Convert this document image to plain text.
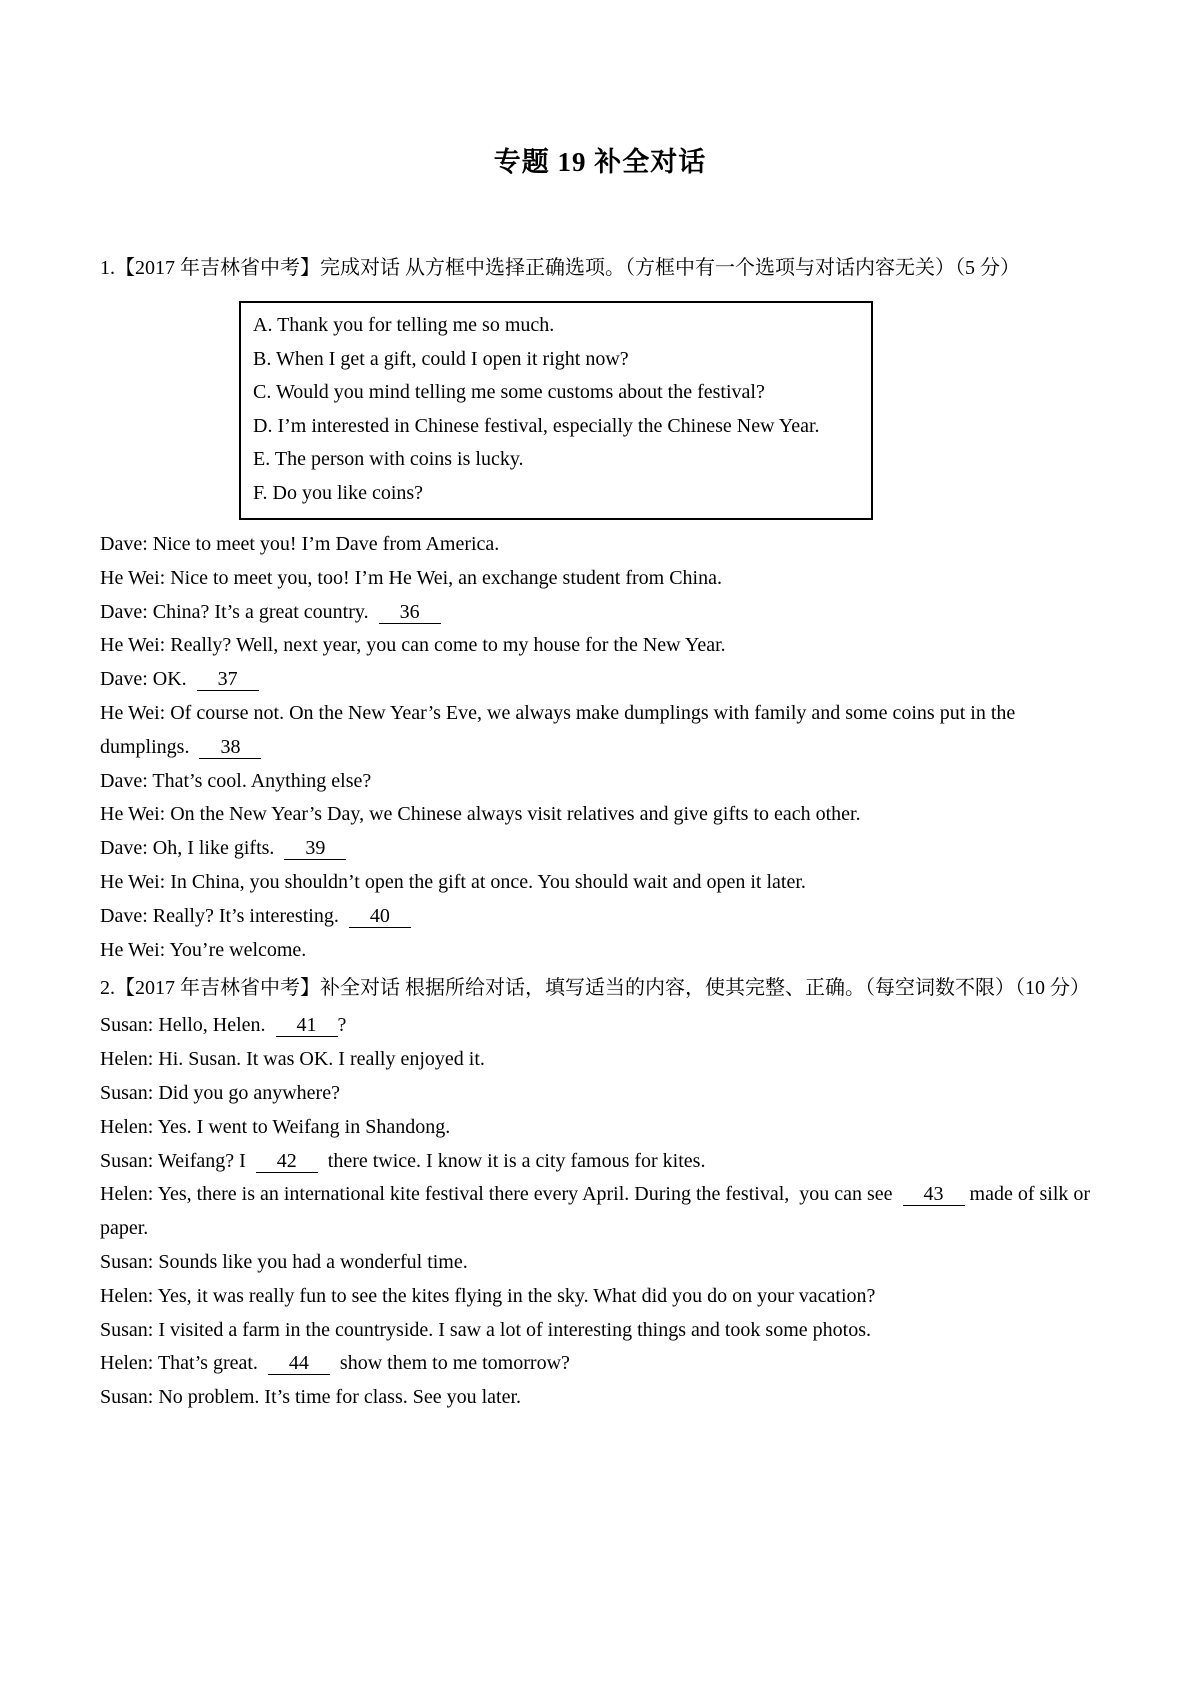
专题 19 补全对话

1.【2017 年吉林省中考】完成对话 从方框中选择正确选项。（方框中有一个选项与对话内容无关）（5 分）

A. Thank you for telling me so much.
B. When I get a gift, could I open it right now?
C. Would you mind telling me some customs about the festival?
D. I’m interested in Chinese festival, especially the Chinese New Year.
E. The person with coins is lucky.
F. Do you like coins?

Dave: Nice to meet you! I’m Dave from America.

He Wei: Nice to meet you, too! I’m He Wei, an exchange student from China.

Dave: China? It’s a great country.  36

He Wei: Really? Well, next year, you can come to my house for the New Year.

Dave: OK.  37

He Wei: Of course not. On the New Year’s Eve, we always make dumplings with family and some coins put in the dumplings.  38

Dave: That’s cool. Anything else?

He Wei: On the New Year’s Day, we Chinese always visit relatives and give gifts to each other.

Dave: Oh, I like gifts.  39

He Wei: In China, you shouldn’t open the gift at once. You should wait and open it later.

Dave: Really? It’s interesting.  40

He Wei: You’re welcome.

2.【2017 年吉林省中考】补全对话 根据所给对话，填写适当的内容，使其完整、正确。（每空词数不限）（10 分）

Susan: Hello, Helen.  41 ?

Helen: Hi. Susan. It was OK. I really enjoyed it.

Susan: Did you go anywhere?

Helen: Yes. I went to Weifang in Shandong.

Susan: Weifang? I  42  there twice. I know it is a city famous for kites.

Helen: Yes, there is an international kite festival there every April. During the festival,  you can see  43 made of silk or paper.

Susan: Sounds like you had a wonderful time.

Helen: Yes, it was really fun to see the kites flying in the sky. What did you do on your vacation?

Susan: I visited a farm in the countryside. I saw a lot of interesting things and took some photos.

Helen: That’s great.  44  show them to me tomorrow?

Susan: No problem. It’s time for class. See you later.
